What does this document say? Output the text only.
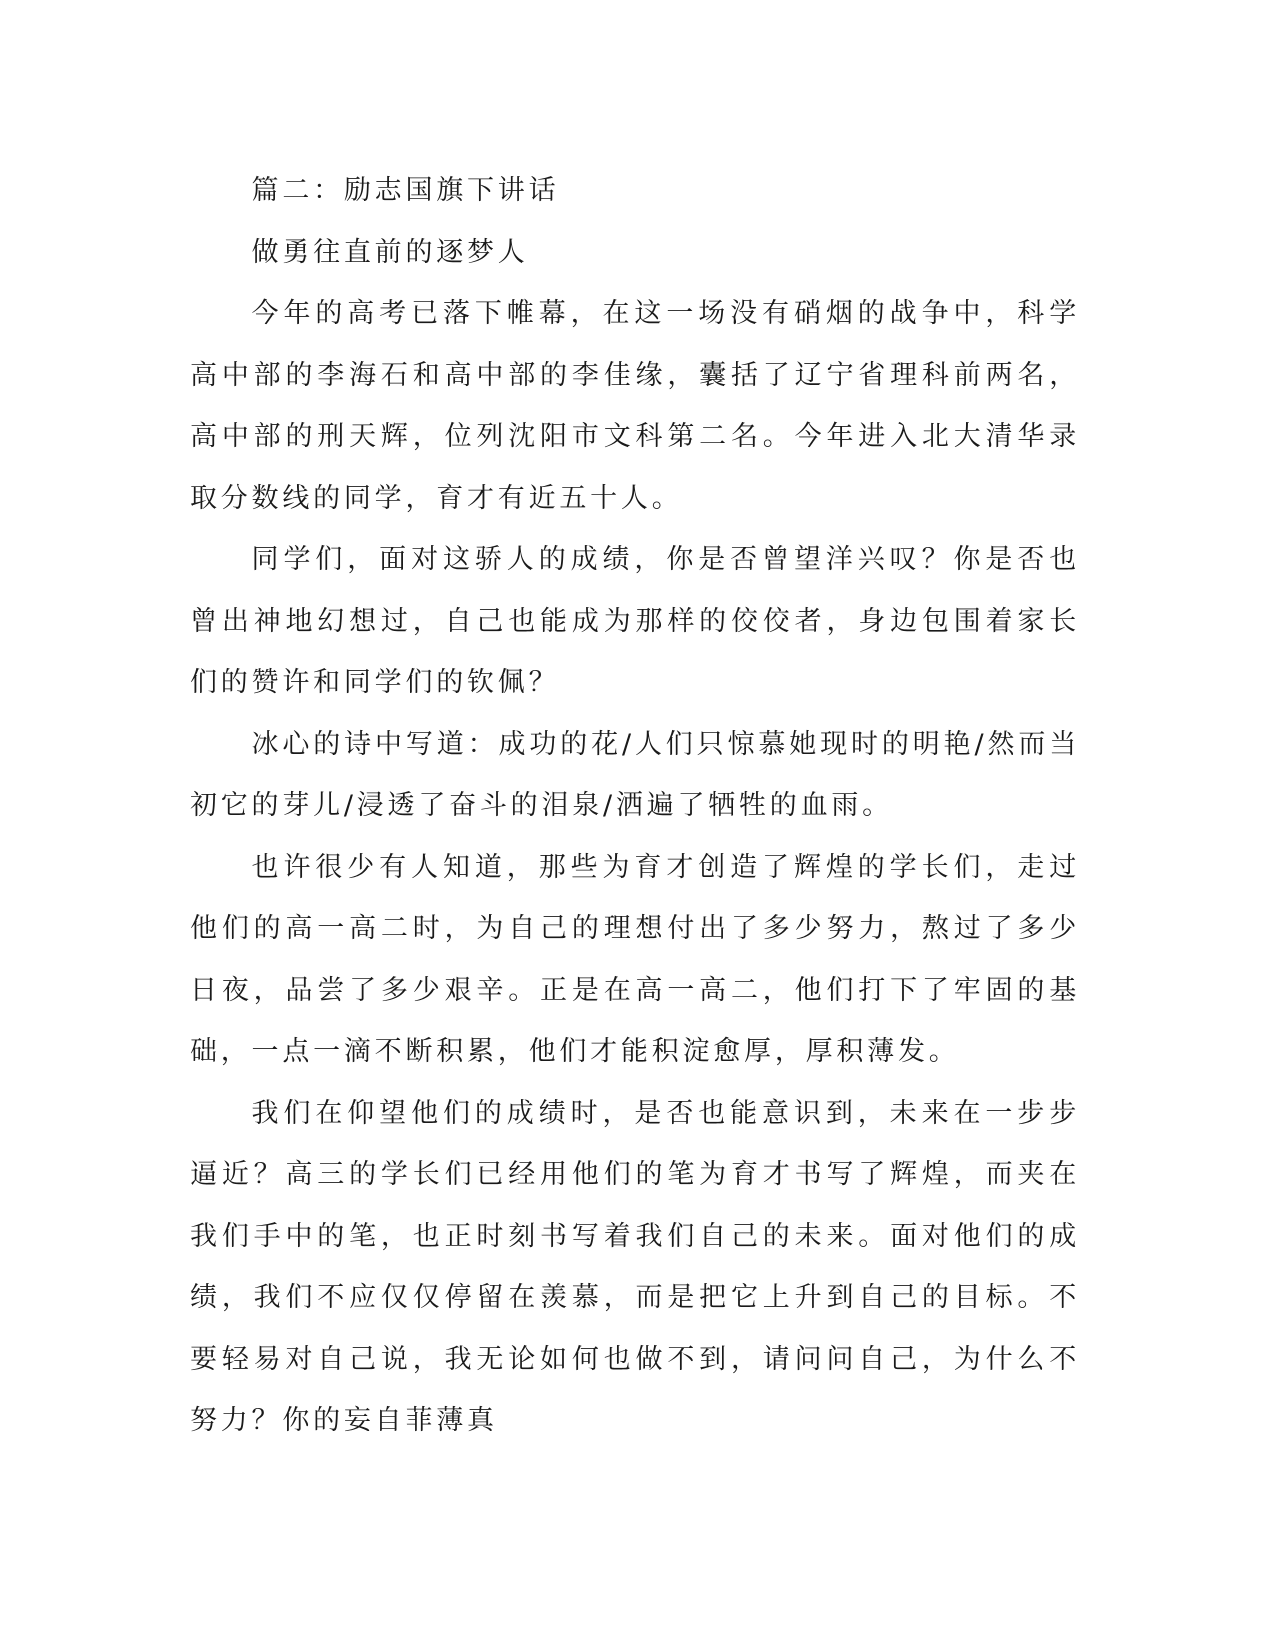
篇二：励志国旗下讲话

做勇往直前的逐梦人

今年的高考已落下帷幕，在这一场没有硝烟的战争中，科学高中部的李海石和高中部的李佳缘，囊括了辽宁省理科前两名，高中部的刑天辉，位列沈阳市文科第二名。今年进入北大清华录取分数线的同学，育才有近五十人。

同学们，面对这骄人的成绩，你是否曾望洋兴叹？你是否也曾出神地幻想过，自己也能成为那样的佼佼者，身边包围着家长们的赞许和同学们的钦佩？

冰心的诗中写道：成功的花/人们只惊慕她现时的明艳/然而当初它的芽儿/浸透了奋斗的泪泉/洒遍了牺牲的血雨。

也许很少有人知道，那些为育才创造了辉煌的学长们，走过他们的高一高二时，为自己的理想付出了多少努力，熬过了多少日夜，品尝了多少艰辛。正是在高一高二，他们打下了牢固的基础，一点一滴不断积累，他们才能积淀愈厚，厚积薄发。

我们在仰望他们的成绩时，是否也能意识到，未来在一步步逼近？高三的学长们已经用他们的笔为育才书写了辉煌，而夹在我们手中的笔，也正时刻书写着我们自己的未来。面对他们的成绩，我们不应仅仅停留在羡慕，而是把它上升到自己的目标。不要轻易对自己说，我无论如何也做不到，请问问自己，为什么不努力？你的妄自菲薄真
